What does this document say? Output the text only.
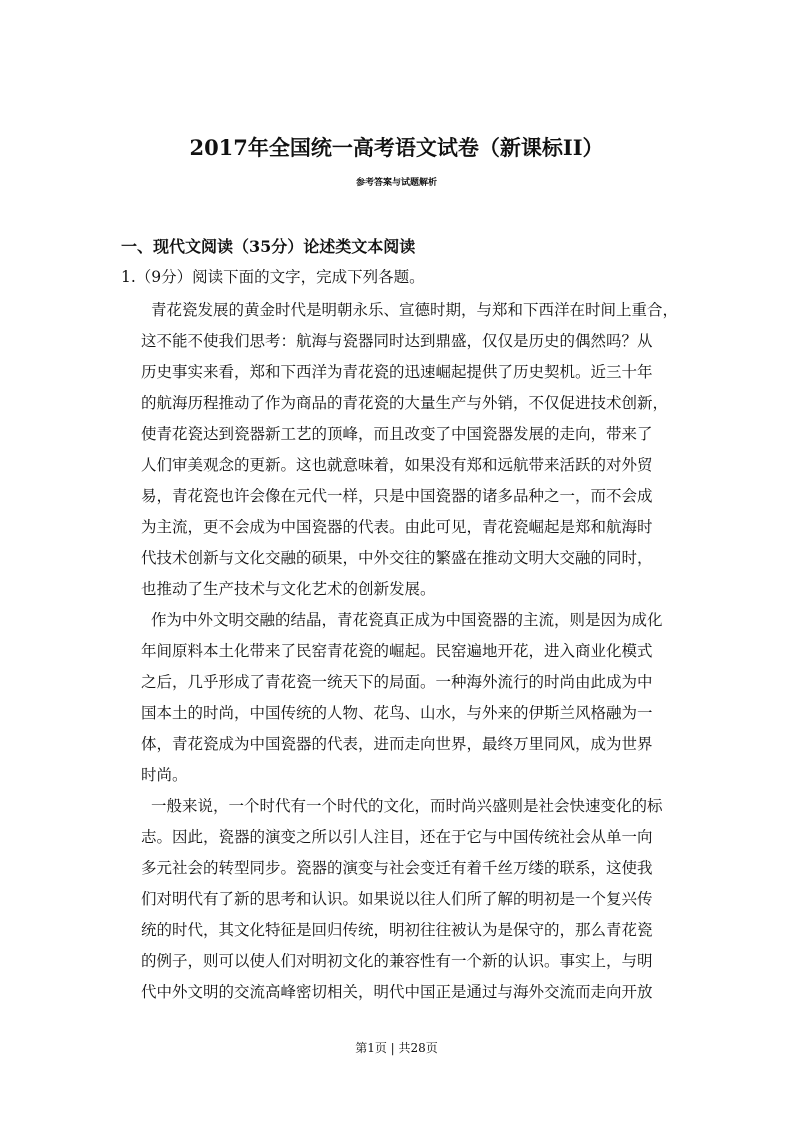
2017年全国统一高考语文试卷（新课标II）
参考答案与试题解析
一、现代文阅读（35分）论述类文本阅读
1.（9分）阅读下面的文字，完成下列各题。
青花瓷发展的黄金时代是明朝永乐、宣德时期，与郑和下西洋在时间上重合，
这不能不使我们思考：航海与瓷器同时达到鼎盛，仅仅是历史的偶然吗？从
历史事实来看，郑和下西洋为青花瓷的迅速崛起提供了历史契机。近三十年
的航海历程推动了作为商品的青花瓷的大量生产与外销，不仅促进技术创新，
使青花瓷达到瓷器新工艺的顶峰，而且改变了中国瓷器发展的走向，带来了
人们审美观念的更新。这也就意味着，如果没有郑和远航带来活跃的对外贸
易，青花瓷也许会像在元代一样，只是中国瓷器的诸多品种之一，而不会成
为主流，更不会成为中国瓷器的代表。由此可见，青花瓷崛起是郑和航海时
代技术创新与文化交融的硕果，中外交往的繁盛在推动文明大交融的同时，
也推动了生产技术与文化艺术的创新发展。
作为中外文明交融的结晶，青花瓷真正成为中国瓷器的主流，则是因为成化
年间原料本土化带来了民窑青花瓷的崛起。民窑遍地开花，进入商业化模式
之后，几乎形成了青花瓷一统天下的局面。一种海外流行的时尚由此成为中
国本土的时尚，中国传统的人物、花鸟、山水，与外来的伊斯兰风格融为一
体，青花瓷成为中国瓷器的代表，进而走向世界，最终万里同风，成为世界
时尚。
一般来说，一个时代有一个时代的文化，而时尚兴盛则是社会快速变化的标
志。因此，瓷器的演变之所以引人注目，还在于它与中国传统社会从单一向
多元社会的转型同步。瓷器的演变与社会变迁有着千丝万缕的联系，这使我
们对明代有了新的思考和认识。如果说以往人们所了解的明初是一个复兴传
统的时代，其文化特征是回归传统，明初往往被认为是保守的，那么青花瓷
的例子，则可以使人们对明初文化的兼容性有一个新的认识。事实上，与明
代中外文明的交流高峰密切相关，明代中国正是通过与海外交流而走向开放
第1页 | 共28页
